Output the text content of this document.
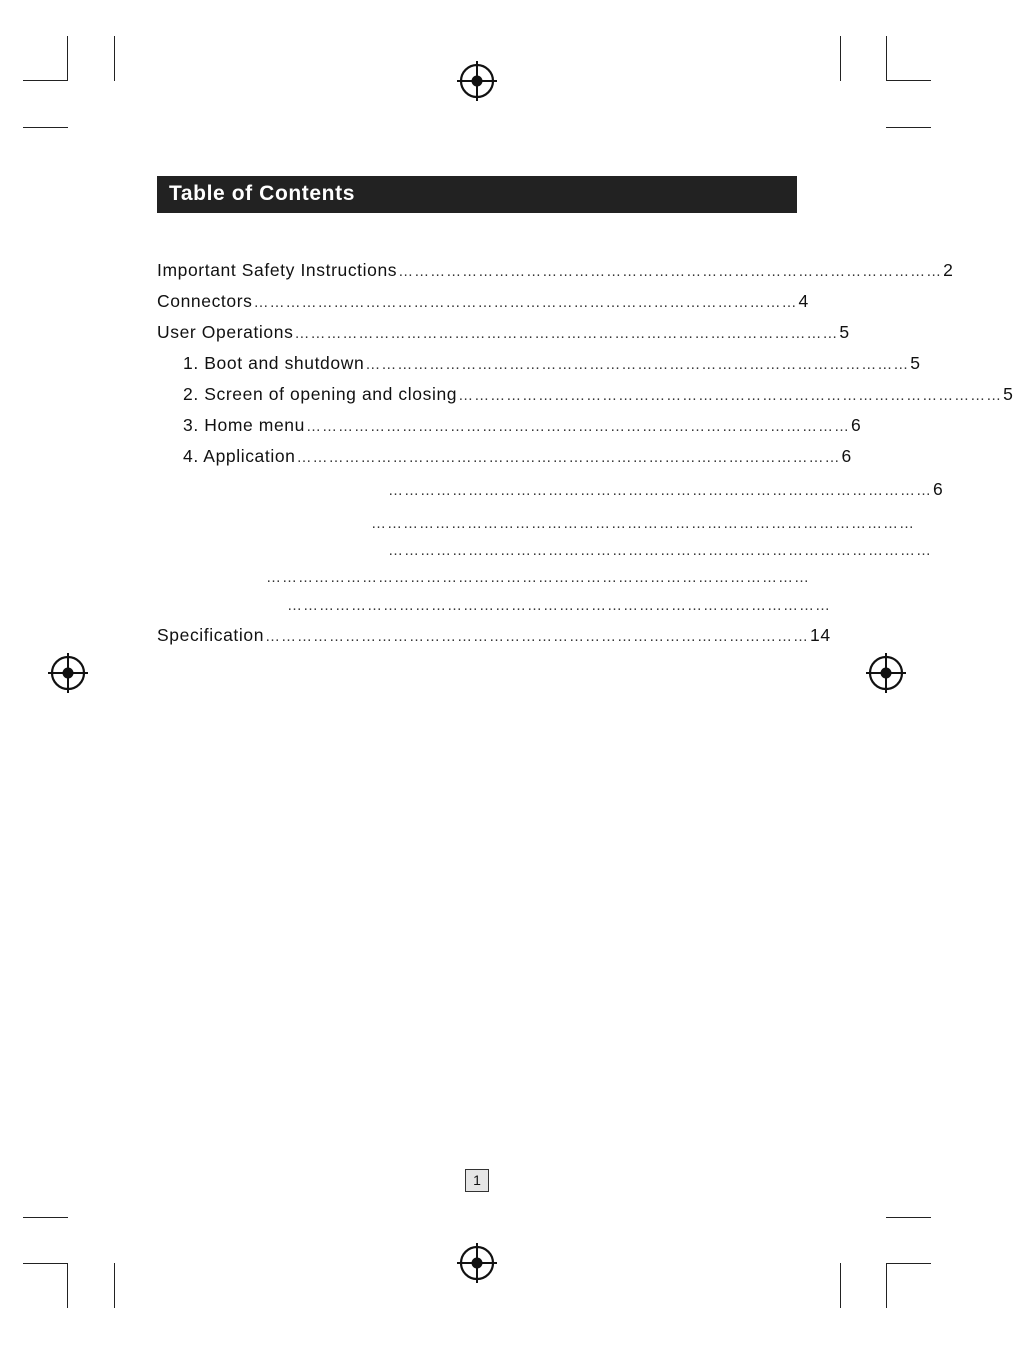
Table of Contents
Important Safety Instructions ………………………………………………………………………………………… 2
Connectors ………………………………………………………………………………………… 4
User Operations ………………………………………………………………………………………… 5
1. Boot and shutdown ………………………………………………………………………………………… 5
2. Screen of opening and closing ………………………………………………………………………………………… 5
3. Home menu ………………………………………………………………………………………… 6
4. Application ………………………………………………………………………………………… 6
………………………………………………………………………………………… 6
…………………………………………………………………………………………
…………………………………………………………………………………………
…………………………………………………………………………………………
…………………………………………………………………………………………
Specification ………………………………………………………………………………………… 14
1
